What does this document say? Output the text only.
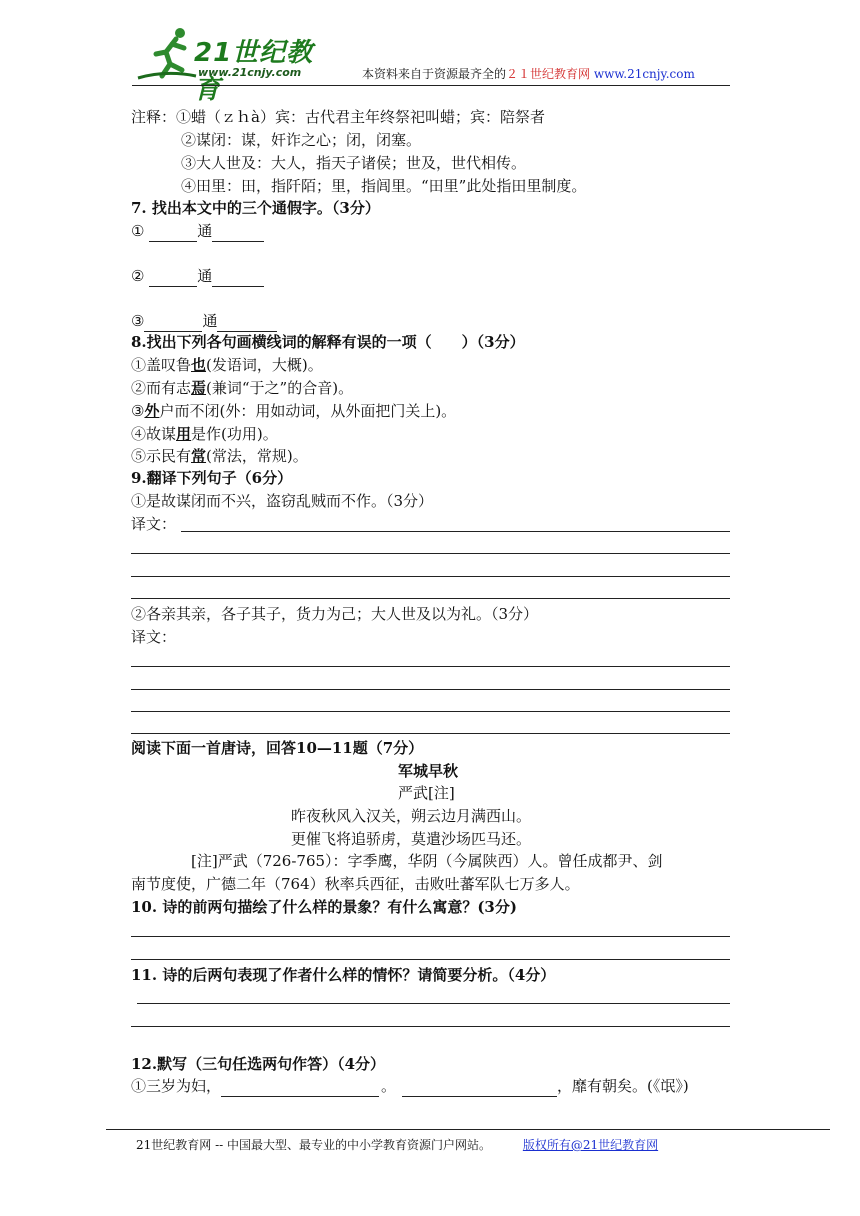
21世纪教育
www.21cnjy.com	本资料来自于资源最齐全的２１世纪教育网 www.21cnjy.com
注释：①蜡（ｚｈà）宾：古代君主年终祭祀叫蜡；宾：陪祭者
②谋闭：谋，奸诈之心；闭，闭塞。
③大人世及：大人，指天子诸侯；世及，世代相传。
④田里：田，指阡陌；里，指闾里。“田里”此处指田里制度。
7. 找出本文中的三个通假字。（3分）
①	通
②	通
③	通
8.找出下列各句画横线词的解释有误的一项（　　）（3分）
①盖叹鲁也(发语词，大概)。
②而有志焉(兼词“于之”的合音)。
③外户而不闭(外：用如动词，从外面把门关上)。
④故谋用是作(功用)。
⑤示民有常(常法，常规)。
9.翻译下列句子（6分）
①是故谋闭而不兴，盗窃乱贼而不作。（3分）
译文：
②各亲其亲，各子其子，货力为己；大人世及以为礼。（3分）
译文：
阅读下面一首唐诗，回答10—11题（7分）
军城早秋
严武[注]
昨夜秋风入汉关，朔云边月满西山。
更催飞将追骄虏，莫遣沙场匹马还。
[注]严武（726-765）：字季鹰，华阴（今属陕西）人。曾任成都尹、剑
南节度使，广德二年（764）秋率兵西征，击败吐蕃军队七万多人。
10. 诗的前两句描绘了什么样的景象？有什么寓意？(3分)
11. 诗的后两句表现了作者什么样的情怀？请简要分析。（4分）
12.默写（三句任选两句作答）（4分）
①三岁为妇，	。	，靡有朝矣。(《氓》)
21世纪教育网 -- 中国最大型、最专业的中小学教育资源门户网站。	版权所有@21世纪教育网
